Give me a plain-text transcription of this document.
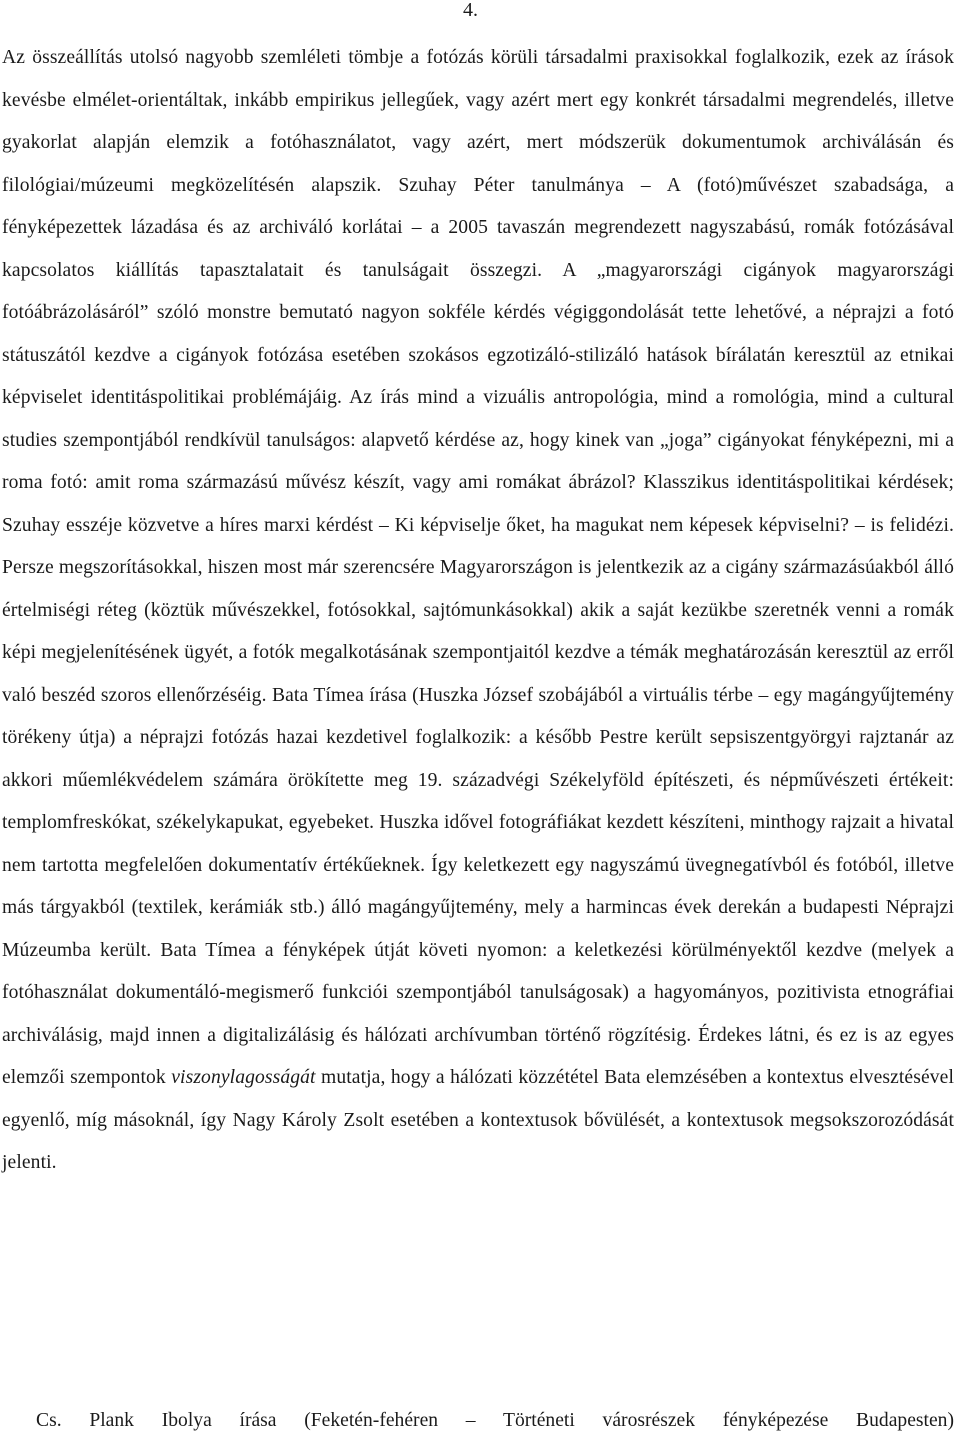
4.

Az összeállítás utolsó nagyobb szemléleti tömbje a fotózás körüli társadalmi praxisokkal foglalkozik, ezek az írások kevésbe elmélet-orientáltak, inkább empirikus jellegűek, vagy azért mert egy konkrét társadalmi megrendelés, illetve gyakorlat alapján elemzik a fotóhasználatot, vagy azért, mert módszerük dokumentumok archiválásán és filológiai/múzeumi megközelítésén alapszik. Szuhay Péter tanulmánya – A (fotó)művészet szabadsága, a fényképezettek lázadása és az archiváló korlátai – a 2005 tavaszán megrendezett nagyszabású, romák fotózásával kapcsolatos kiállítás tapasztalatait és tanulságait összegzi. A „magyarországi cigányok magyarországi fotóábrázolásáról” szóló monstre bemutató nagyon sokféle kérdés végiggondolását tette lehetővé, a néprajzi a fotó státuszától kezdve a cigányok fotózása esetében szokásos egzotizáló-stilizáló hatások bírálatán keresztül az etnikai képviselet identitáspolitikai problémájáig. Az írás mind a vizuális antropológia, mind a romológia, mind a cultural studies szempontjából rendkívül tanulságos: alapvető kérdése az, hogy kinek van „joga” cigányokat fényképezni, mi a roma fotó: amit roma származású művész készít, vagy ami romákat ábrázol? Klasszikus identitáspolitikai kérdések; Szuhay esszéje közvetve a híres marxi kérdést – Ki képviselje őket, ha magukat nem képesek képviselni? – is felidézi. Persze megszorításokkal, hiszen most már szerencsére Magyarországon is jelentkezik az a cigány származásúakból álló értelmiségi réteg (köztük művészekkel, fotósokkal, sajtómunkásokkal) akik a saját kezükbe szeretnék venni a romák képi megjelenítésének ügyét, a fotók megalkotásának szempontjaitól kezdve a témák meghatározásán keresztül az erről való beszéd szoros ellenőrzéséig. Bata Tímea írása (Huszka József szobájából a virtuális térbe – egy magángyűjtemény törékeny útja) a néprajzi fotózás hazai kezdetivel foglalkozik: a később Pestre került sepsiszentgyörgyi rajztanár az akkori műemlékvédelem számára örökítette meg 19. századvégi Székelyföld építészeti, és népművészeti értékeit: templomfreskókat, székelykapukat, egyebeket. Huszka idővel fotográfiákat kezdett készíteni, minthogy rajzait a hivatal nem tartotta megfelelően dokumentatív értékűeknek. Így keletkezett egy nagyszámú üvegnegatívból és fotóból, illetve más tárgyakból (textilek, kerámiák stb.) álló magángyűjtemény, mely a harmincas évek derekán a budapesti Néprajzi Múzeumba került. Bata Tímea a fényképek útját követi nyomon: a keletkezési körülményektől kezdve (melyek a fotóhasználat dokumentáló-megismerő funkciói szempontjából tanulságosak) a hagyományos, pozitivista etnográfiai archiválásig, majd innen a digitalizálásig és hálózati archívumban történő rögzítésig. Érdekes látni, és ez is az egyes elemzői szempontok viszonylagosságát mutatja, hogy a hálózati közzététel Bata elemzésében a kontextus elvesztésével egyenlő, míg másoknál, így Nagy Károly Zsolt esetében a kontextusok bővülését, a kontextusok megsokszorozódását jelenti.

Cs. Plank Ibolya írása (Feketén-fehéren – Történeti városrészek fényképezése Budapesten)
